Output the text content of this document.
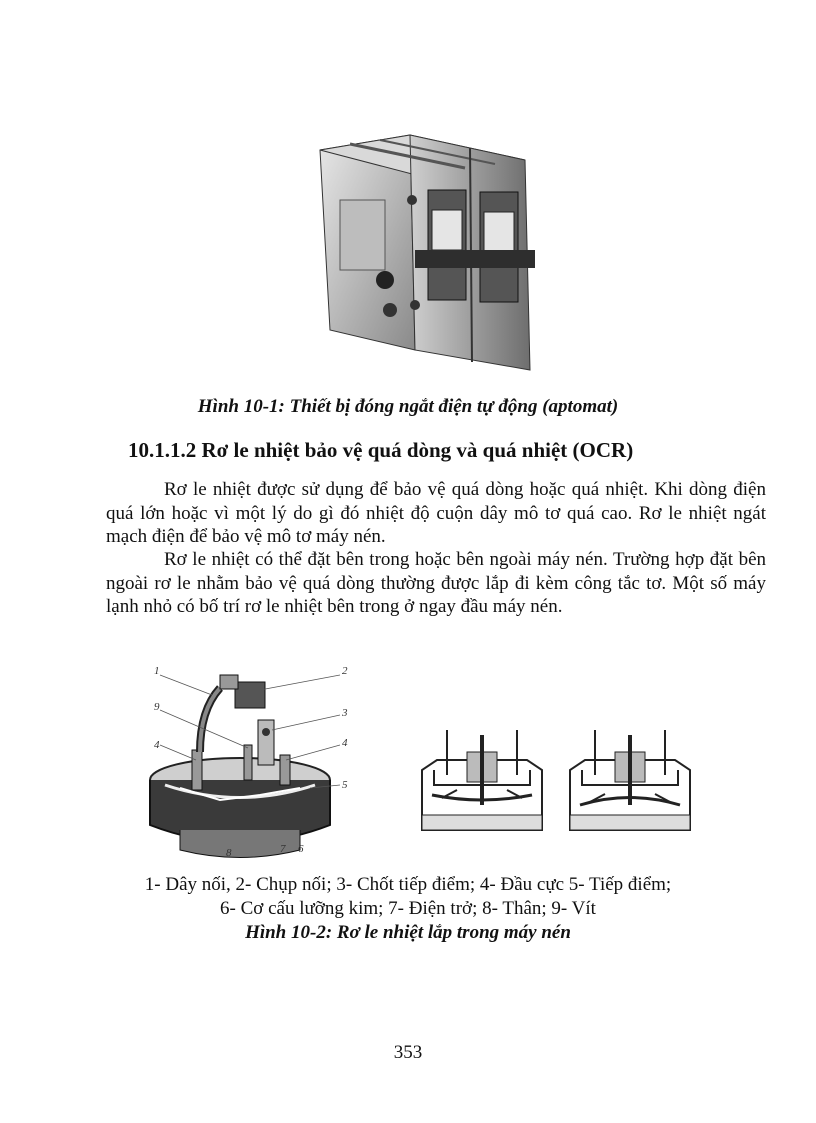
Hình 10-1: Thiết bị đóng ngắt điện tự động (aptomat)
10.1.1.2 Rơ le nhiệt bảo vệ quá dòng và quá nhiệt (OCR)

Rơ le nhiệt được sử dụng để bảo vệ quá dòng hoặc quá nhiệt. Khi dòng điện quá lớn hoặc vì một lý do gì đó nhiệt độ cuộn dây mô tơ quá cao. Rơ le nhiệt ngát mạch điện để bảo vệ mô tơ máy nén.

Rơ le nhiệt có thể đặt bên trong hoặc bên ngoài máy nén. Trường hợp đặt bên ngoài rơ le nhằm bảo vệ quá dòng thường được lắp đi kèm công tắc tơ. Một số máy lạnh nhỏ có bố trí rơ le nhiệt bên trong ở ngay đầu máy nén.

1	2
9	3
4	4
5
8	7 6
1- Dây nối, 2- Chụp nối; 3- Chốt tiếp điểm; 4- Đầu cực 5- Tiếp điểm;
6- Cơ cấu lưỡng kim; 7- Điện trở; 8- Thân; 9- Vít
Hình 10-2: Rơ le nhiệt lắp trong máy nén
353
